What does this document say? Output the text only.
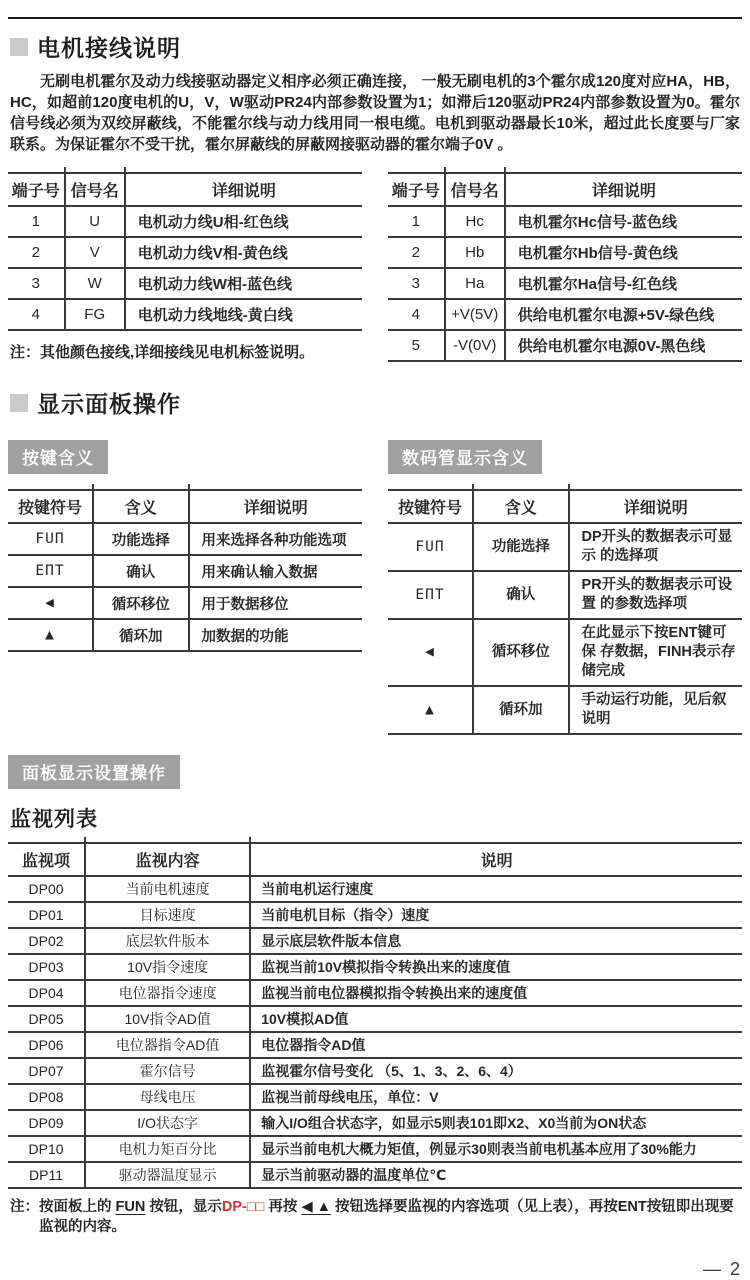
电机接线说明

无刷电机霍尔及动力线接驱动器定义相序必须正确连接， 一般无刷电机的3个霍尔成120度对应HA，HB，HC，如超前120度电机的U，V，W驱动PR24内部参数设置为1；如滞后120驱动PR24内部参数设置为0。霍尔信号线必须为双绞屏蔽线，不能霍尔线与动力线用同一根电缆。电机到驱动器最长10米，超过此长度要与厂家联系。为保证霍尔不受干扰，霍尔屏蔽线的屏蔽网接驱动器的霍尔端子0V 。

端子号	信号名	详细说明
1	U	电机动力线U相-红色线
2	V	电机动力线V相-黄色线
3	W	电机动力线W相-蓝色线
4	FG	电机动力线地线-黄白线

注：其他颜色接线,详细接线见电机标签说明。

端子号	信号名	详细说明
1	Hc	电机霍尔Hc信号-蓝色线
2	Hb	电机霍尔Hb信号-黄色线
3	Ha	电机霍尔Ha信号-红色线
4	+V(5V)	供给电机霍尔电源+5V-绿色线
5	-V(0V)	供给电机霍尔电源0V-黑色线
显示面板操作
按键含义
按键符号	含义	详细说明
FUΠ	功能选择	用来选择各种功能选项
EΠT	确认	用来确认输入数据
◀	循环移位	用于数据移位
▲	循环加	加数据的功能
数码管显示含义
按键符号	含义	详细说明
FUΠ	功能选择	DP开头的数据表示可显示 的选择项
EΠT	确认	PR开头的数据表示可设置 的参数选择项
◀	循环移位	在此显示下按ENT键可保 存数据，FINH表示存储完成
▲	循环加	手动运行功能，见后叙说明
面板显示设置操作
监视列表
监视项	监视内容	说明
DP00	当前电机速度	当前电机运行速度
DP01	目标速度	当前电机目标（指令）速度
DP02	底层软件版本	显示底层软件版本信息
DP03	10V指令速度	监视当前10V模拟指令转换出来的速度值
DP04	电位器指令速度	监视当前电位器模拟指令转换出来的速度值
DP05	10V指令AD值	10V模拟AD值
DP06	电位器指令AD值	电位器指令AD值
DP07	霍尔信号	监视霍尔信号变化 （5、1、3、2、6、4）
DP08	母线电压	监视当前母线电压，单位：V
DP09	I/O状态字	输入I/O组合状态字，如显示5则表101即X2、X0当前为ON状态
DP10	电机力矩百分比	显示当前电机大概力矩值，例显示30则表当前电机基本应用了30%能力
DP11	驱动器温度显示	显示当前驱动器的温度单位℃
注： 按面板上的 FUN 按钮，显示DP-□□ 再按 ◀ ▲ 按钮选择要监视的内容选项（见上表），再按ENT按钮即出现要监视的内容。
— 2
